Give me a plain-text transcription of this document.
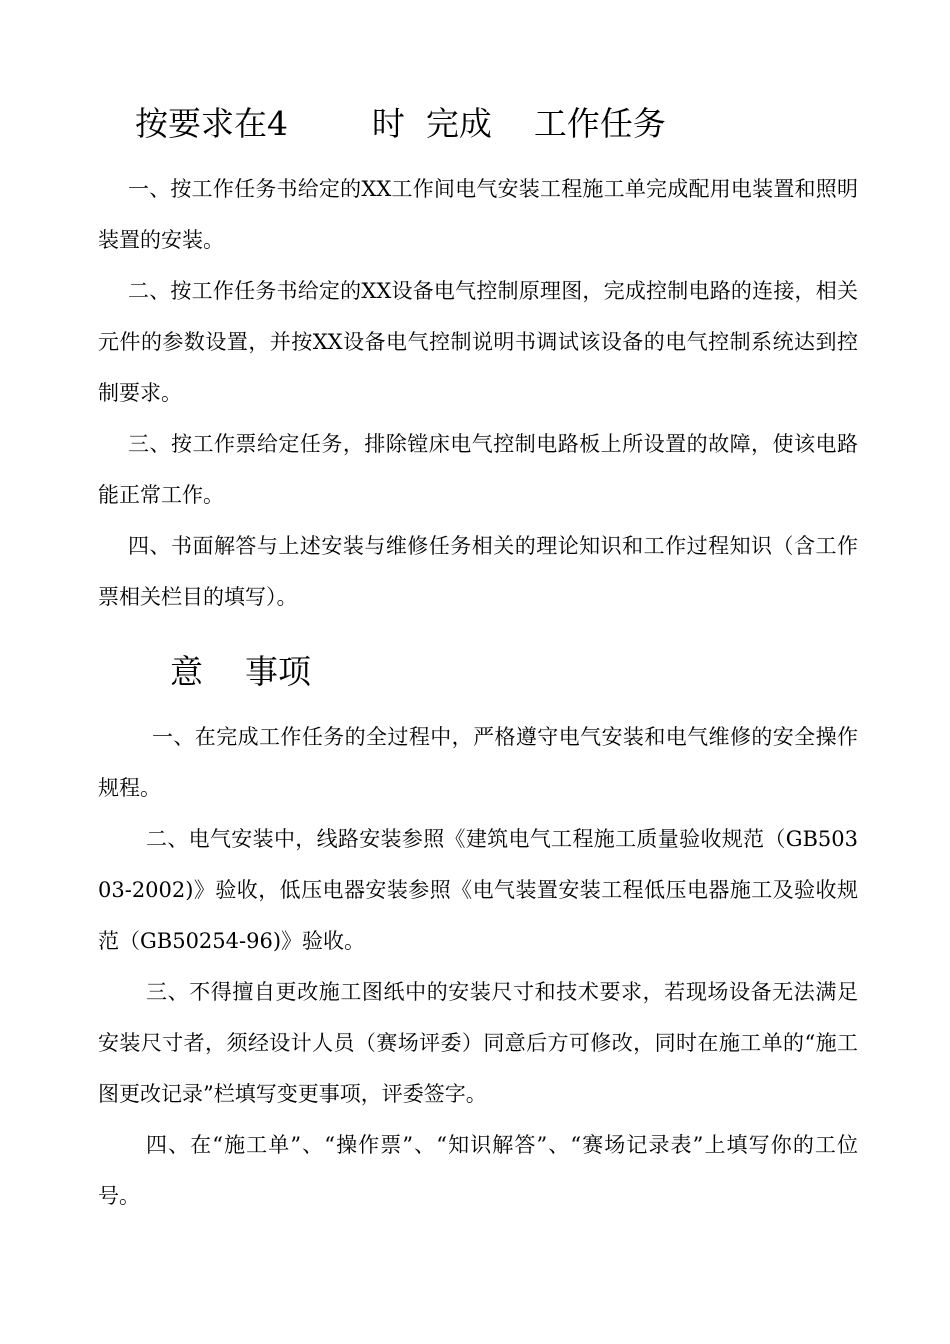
按要求在4        时  完成    工作任务

一、按工作任务书给定的XX工作间电气安装工程施工单完成配用电装置和照明装置的安装。

二、按工作任务书给定的XX设备电气控制原理图，完成控制电路的连接，相关元件的参数设置，并按XX设备电气控制说明书调试该设备的电气控制系统达到控制要求。

三、按工作票给定任务，排除镗床电气控制电路板上所设置的故障，使该电路能正常工作。

四、书面解答与上述安装与维修任务相关的理论知识和工作过程知识（含工作票相关栏目的填写）。

意    事项

一、在完成工作任务的全过程中，严格遵守电气安装和电气维修的安全操作规程。

二、电气安装中，线路安装参照《建筑电气工程施工质量验收规范（GB50303-2002)》验收，低压电器安装参照《电气装置安装工程低压电器施工及验收规范（GB50254-96)》验收。

三、不得擅自更改施工图纸中的安装尺寸和技术要求，若现场设备无法满足安装尺寸者，须经设计人员（赛场评委）同意后方可修改，同时在施工单的“施工图更改记录”栏填写变更事项，评委签字。

四、在“施工单”、“操作票”、“知识解答”、“赛场记录表”上填写你的工位号。
